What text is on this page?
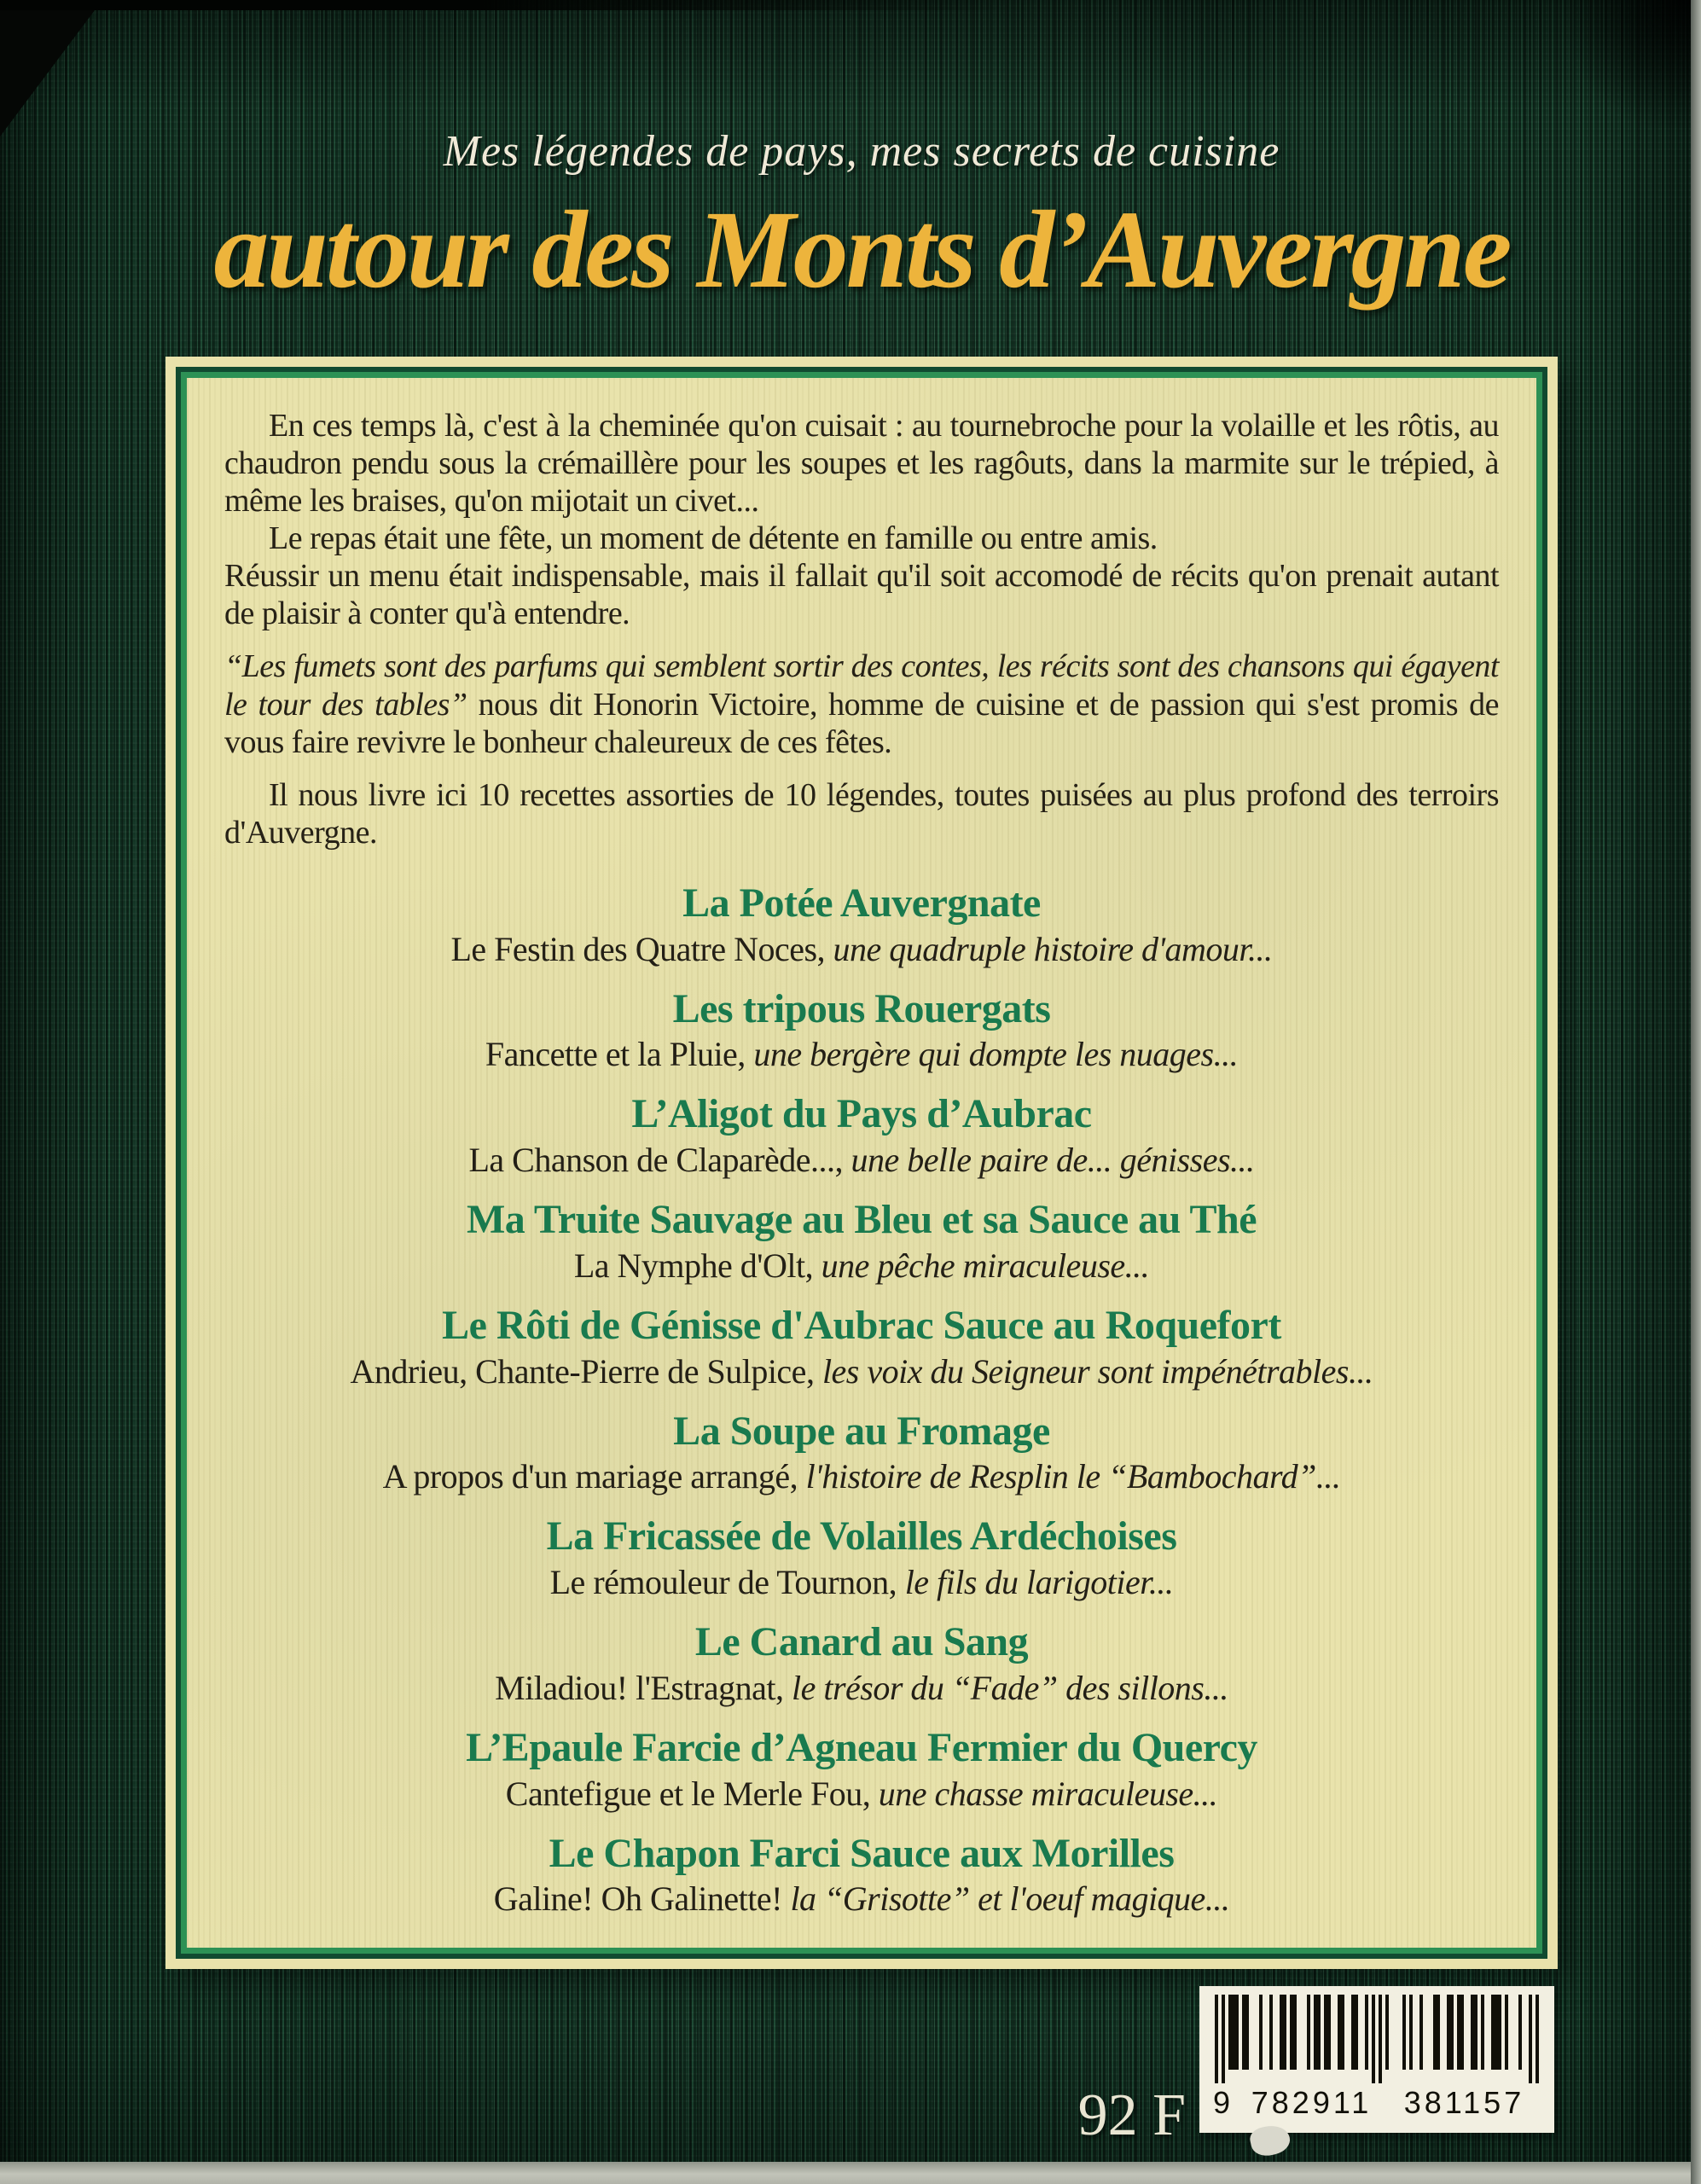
Mes légendes de pays, mes secrets de cuisine
autour des Monts d’Auvergne

En ces temps là, c'est à la cheminée qu'on cuisait : au tournebroche pour la volaille et les rôtis, au chaudron pendu sous la crémaillère pour les soupes et les ragôuts, dans la marmite sur le trépied, à même les braises, qu'on mijotait un civet...

Le repas était une fête, un moment de détente en famille ou entre amis.

Réussir un menu était indispensable, mais il fallait qu'il soit accomodé de récits qu'on prenait autant de plaisir à conter qu'à entendre.

“Les fumets sont des parfums qui semblent sortir des contes, les récits sont des chansons qui égayent le tour des tables” nous dit Honorin Victoire, homme de cuisine et de passion qui s'est promis de vous faire revivre le bonheur chaleureux de ces fêtes.

Il nous livre ici 10 recettes assorties de 10 légendes, toutes puisées au plus profond des terroirs d'Auvergne.

La Potée Auvergnate

Le Festin des Quatre Noces, une quadruple histoire d'amour...

Les tripous Rouergats

Fancette et la Pluie, une bergère qui dompte les nuages...

L’Aligot du Pays d’Aubrac

La Chanson de Claparède..., une belle paire de... génisses...

Ma Truite Sauvage au Bleu et sa Sauce au Thé

La Nymphe d'Olt, une pêche miraculeuse...

Le Rôti de Génisse d'Aubrac Sauce au Roquefort

Andrieu, Chante-Pierre de Sulpice, les voix du Seigneur sont impénétrables...

La Soupe au Fromage

A propos d'un mariage arrangé, l'histoire de Resplin le “Bambochard”...

La Fricassée de Volailles Ardéchoises

Le rémouleur de Tournon, le fils du larigotier...

Le Canard au Sang

Miladiou! l'Estragnat, le trésor du “Fade” des sillons...

L’Epaule Farcie d’Agneau Fermier du Quercy

Cantefigue et le Merle Fou, une chasse miraculeuse...

Le Chapon Farci Sauce aux Morilles

Galine! Oh Galinette! la “Grisotte” et l'oeuf magique...

92 F 9 782911	381157
